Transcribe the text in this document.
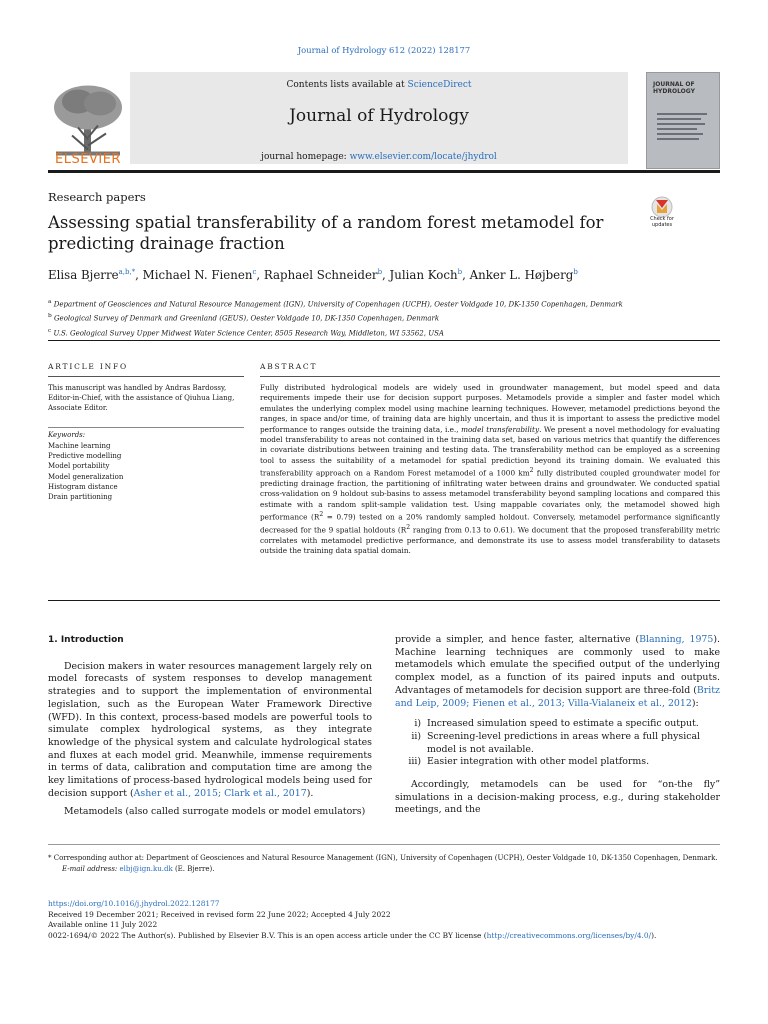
Journal of Hydrology 612 (2022) 128177
ELSEVIER
Contents lists available at ScienceDirect
Journal of Hydrology
journal homepage: www.elsevier.com/locate/jhydrol
JOURNAL OF HYDROLOGY
Research papers
Assessing spatial transferability of a random forest metamodel for predicting drainage fraction
Check for updates
Elisa Bjerre$^{a,b,*}$, Michael N. Fienen$^c$, Raphael Schneider$^b$, Julian Koch$^b$, Anker L. Højberg$^b$
$^a$ Department of Geosciences and Natural Resource Management (IGN), University of Copenhagen (UCPH), Oester Voldgade 10, DK-1350 Copenhagen, Denmark
$^b$ Geological Survey of Denmark and Greenland (GEUS), Oester Voldgade 10, DK-1350 Copenhagen, Denmark
$^c$ U.S. Geological Survey Upper Midwest Water Science Center, 8505 Research Way, Middleton, WI 53562, USA
ARTICLE INFO	ABSTRACT
This manuscript was handled by Andras Bardossy, Editor-in-Chief, with the assistance of Qiuhua Liang, Associate Editor.
Keywords:
Machine learning
Predictive modelling
Model portability
Model generalization
Histogram distance
Drain partitioning
Fully distributed hydrological models are widely used in groundwater management, but model speed and data requirements impede their use for decision support purposes. Metamodels provide a simpler and faster model which emulates the underlying complex model using machine learning techniques. However, metamodel predictions beyond the ranges, in space and/or time, of training data are highly uncertain, and thus it is important to assess the predictive model performance to ranges outside the training data, i.e., model transferability. We present a novel methodology for evaluating model transferability to areas not contained in the training data set, based on various metrics that quantify the differences in covariate distributions between training and testing data. The transferability method can be employed as a screening tool to assess the suitability of a metamodel for spatial prediction beyond its training domain. We evaluated this transferability approach on a Random Forest metamodel of a 1000 $km^2$ fully distributed coupled groundwater model for predicting drainage fraction, the partitioning of infiltrating water between drains and groundwater. We conducted spatial cross-validation on 9 holdout sub-basins to assess metamodel transferability beyond sampling locations and compared this estimate with a random split-sample validation test. Using mappable covariates only, the metamodel showed high performance $(R^2 = 0.79)$ tested on a 20% randomly sampled holdout. Conversely, metamodel performance significantly decreased for the 9 spatial holdouts ($R^2$ ranging from 0.13 to 0.61). We document that the proposed transferability metric correlates with metamodel predictive performance, and demonstrate its use to assess model transferability to datasets outside the training data spatial domain.
1. Introduction

Decision makers in water resources management largely rely on model forecasts of system responses to develop management strategies and to support the implementation of environmental legislation, such as the European Water Framework Directive (WFD). In this context, process-based models are powerful tools to simulate complex hydrological systems, as they integrate knowledge of the physical system and calculate hydrological states and fluxes at each model grid. Meanwhile, immense requirements in terms of data, calibration and computation time are among the key limitations of process-based hydrological models being used for decision support (Asher et al., 2015; Clark et al., 2017).

Metamodels (also called surrogate models or model emulators)

provide a simpler, and hence faster, alternative (Blanning, 1975). Machine learning techniques are commonly used to make metamodels which emulate the specified output of the underlying complex model, as a function of its paired inputs and outputs. Advantages of metamodels for decision support are three-fold (Britz and Leip, 2009; Fienen et al., 2013; Villa-Vialaneix et al., 2012):

i) Increased simulation speed to estimate a specific output.
ii) Screening-level predictions in areas where a full physical model is not available.
iii) Easier integration with other model platforms.

Accordingly, metamodels can be used for “on-the fly” simulations in a decision-making process, e.g., during stakeholder meetings, and the

* Corresponding author at: Department of Geosciences and Natural Resource Management (IGN), University of Copenhagen (UCPH), Oester Voldgade 10, DK-1350 Copenhagen, Denmark.
E-mail address: elbj@ign.ku.dk (E. Bjerre).
https://doi.org/10.1016/j.jhydrol.2022.128177
Received 19 December 2021; Received in revised form 22 June 2022; Accepted 4 July 2022
Available online 11 July 2022
0022-1694/© 2022 The Author(s). Published by Elsevier B.V. This is an open access article under the CC BY license (http://creativecommons.org/licenses/by/4.0/).
